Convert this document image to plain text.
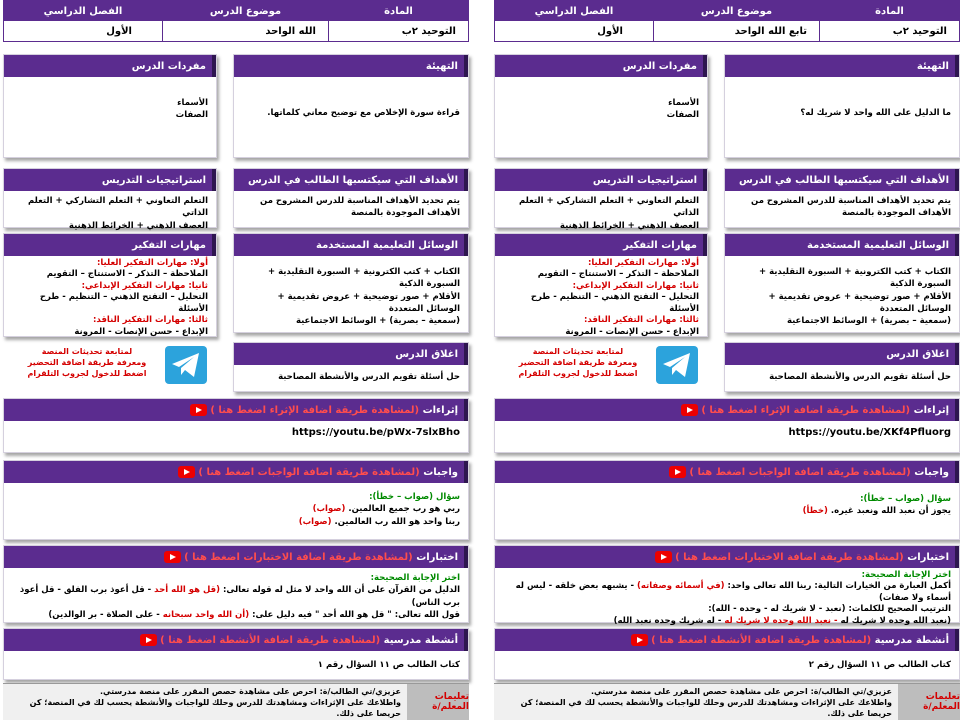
المادة
التوحيد ٢ب
موضوع الدرس
تابع الله الواحد
الفصل الدراسي
الأول
التهيئة
ما الدليل على الله واحد لا شريك له؟
مفردات الدرس
الأسماء
الصفات
الأهداف التي سيكتسبها الطالب في الدرس
يتم تحديد الأهداف المناسبة للدرس المشروح من الأهداف الموجودة بالمنصة
استراتيجيات التدريس
التعلم التعاوني + التعلم التشاركي + التعلم الذاتي
العصف الذهني + الخرائط الذهنية
الوسائل التعليمية المستخدمة
الكتاب + كتب الكترونية + السبورة التقليدية + السبورة الذكية
الأقلام + صور توضيحية + عروض تقديمية + الوسائل المتعددة
(سمعية – بصرية) + الوسائط الاجتماعية
مهارات التفكير
أولا: مهارات التفكير العليا:
الملاحظة – التذكر – الاستنتاج – التقويم
ثانيا: مهارات التفكير الإبداعي:
التحليل – التفتح الذهني – التنظيم - طرح الأسئلة
ثالثا: مهارات التفكير الناقد:
الإبداع - حسن الإنصات - المرونة
اغلاق الدرس
حل أسئلة تقويم الدرس والأنشطة المصاحبة
لمتابعة تحديثات المنصة
ومعرفة طريقة اضافة التحضير
اضغط للدخول لجروب التلقرام
إثراءات

(لمشاهدة طريقة اضافة الإثراء اضغط هنا )
https://youtu.be/XKf4Pfluorg
واجبات

(لمشاهدة طريقة اضافة الواجبات اضغط هنا )
سؤال (صواب – خطأ):
يجوز أن نعبد الله ونعبد غيره. (خطأ)
اختبارات

(لمشاهدة طريقة اضافة الاختبارات اضغط هنا )
اختر الإجابة الصحيحة:
أكمل العبارة من الخيارات التالية: ربنا الله تعالى واحد: (في أسمائه وصفاته) - يشبهه بعض خلقه - ليس له أسماء ولا صفات)
الترتيب الصحيح للكلمات: (نعبد - لا شريك له - وحده - الله):
(نعبد الله وحده لا شريك له - نعبد الله وحده لا شريك له - له شريك وحده نعبد الله)
أنشطة مدرسية

(لمشاهدة طريقة اضافة الأنشطة اضغط هنا )
كتاب الطالب ص ١١ السؤال رقم ٢
تعليمات المعلم/ة
عزيزي/تي الطالب/ة: احرص على مشاهدة حصص المقرر على منصة مدرستي.
واطلاعك على الإثراءات ومشاهدتك للدرس وحلك للواجبات والأنشطة يحسب لك في المنصة؛ كن حريصا على ذلك.
المادة
التوحيد ٢ب
موضوع الدرس
الله الواحد
الفصل الدراسي
الأول
التهيئة
قراءة سورة الإخلاص مع توضيح معاني كلماتها.
مفردات الدرس
الأسماء
الصفات
الأهداف التي سيكتسبها الطالب في الدرس
يتم تحديد الأهداف المناسبة للدرس المشروح من الأهداف الموجودة بالمنصة
استراتيجيات التدريس
التعلم التعاوني + التعلم التشاركي + التعلم الذاتي
العصف الذهني + الخرائط الذهنية
الوسائل التعليمية المستخدمة
الكتاب + كتب الكترونية + السبورة التقليدية + السبورة الذكية
الأقلام + صور توضيحية + عروض تقديمية + الوسائل المتعددة
(سمعية – بصرية) + الوسائط الاجتماعية
مهارات التفكير
أولا: مهارات التفكير العليا:
الملاحظة – التذكر – الاستنتاج – التقويم
ثانيا: مهارات التفكير الإبداعي:
التحليل – التفتح الذهني – التنظيم - طرح الأسئلة
ثالثا: مهارات التفكير الناقد:
الإبداع - حسن الإنصات - المرونة
اغلاق الدرس
حل أسئلة تقويم الدرس والأنشطة المصاحبة
لمتابعة تحديثات المنصة
ومعرفة طريقة اضافة التحضير
اضغط للدخول لجروب التلقرام
إثراءات

(لمشاهدة طريقة اضافة الإثراء اضغط هنا )
https://youtu.be/pWx-7slxBho
واجبات

(لمشاهدة طريقة اضافة الواجبات اضغط هنا )
سؤال (صواب – خطأ):
ربي هو رب جميع العالمين. (صواب)
ربنا واحد هو الله رب العالمين. (صواب)
اختبارات

(لمشاهدة طريقة اضافة الاختبارات اضغط هنا )
اختر الإجابة الصحيحة:
الدليل من القرآن على أن الله واحد لا مثل له قوله تعالى: (قل هو الله أحد - قل أعوذ برب الفلق - قل أعوذ برب الناس)
قول الله تعالى: " قل هو الله أحد " فيه دليل على: (أن الله واحد سبحانه - على الصلاة - بر الوالدين)
أنشطة مدرسية

(لمشاهدة طريقة اضافة الأنشطة اضغط هنا )
كتاب الطالب ص ١١ السؤال رقم ١
تعليمات المعلم/ة
عزيزي/تي الطالب/ة: احرص على مشاهدة حصص المقرر على منصة مدرستي.
واطلاعك على الإثراءات ومشاهدتك للدرس وحلك للواجبات والأنشطة يحسب لك في المنصة؛ كن حريصا على ذلك.
